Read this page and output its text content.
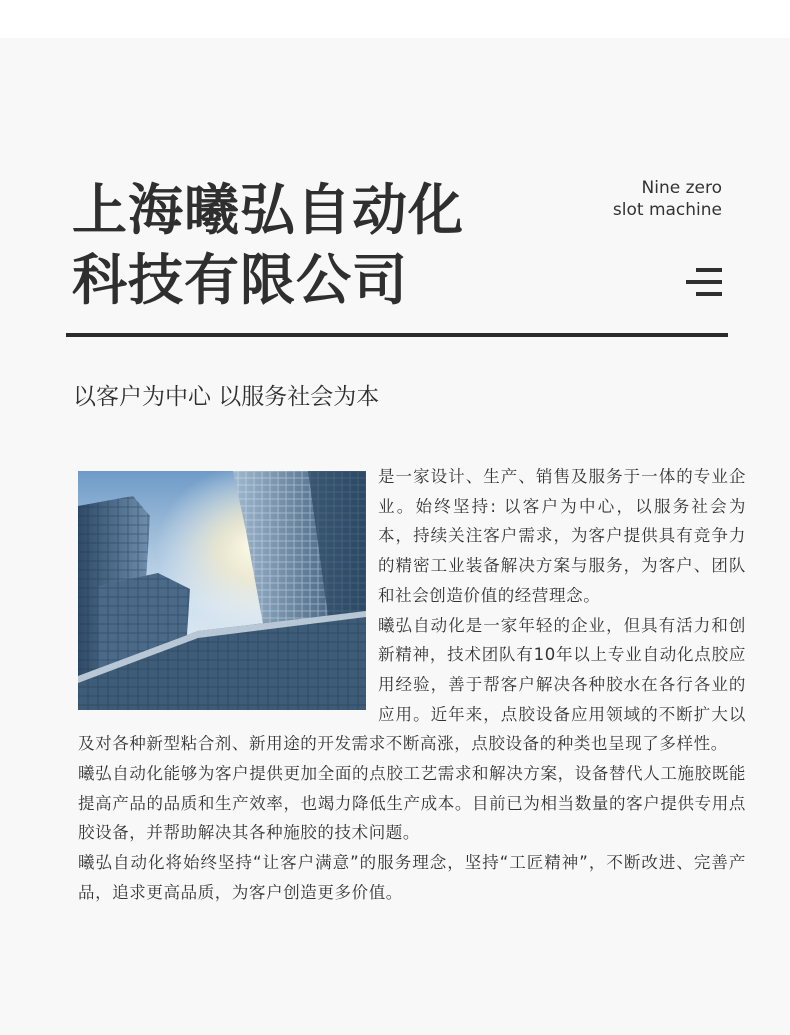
上海曦弘自动化
科技有限公司
Nine zero
slot machine
以客户为中心 以服务社会为本

是一家设计、生产、销售及服务于一体的专业企业。始终坚持: 以客户为中心，以服务社会为本，持续关注客户需求，为客户提供具有竞争力的精密工业装备解决方案与服务，为客户、团队和社会创造价值的经营理念。

曦弘自动化是一家年轻的企业，但具有活力和创新精神，技术团队有10年以上专业自动化点胶应用经验，善于帮客户解决各种胶水在各行各业的应用。近年来，点胶设备应用领域的不断扩大以及对各种新型粘合剂、新用途的开发需求不断高涨，点胶设备的种类也呈现了多样性。

曦弘自动化能够为客户提供更加全面的点胶工艺需求和解决方案，设备替代人工施胶既能提高产品的品质和生产效率，也竭力降低生产成本。目前已为相当数量的客户提供专用点胶设备，并帮助解决其各种施胶的技术问题。

曦弘自动化将始终坚持“让客户满意”的服务理念，坚持“工匠精神”，不断改进、完善产品，追求更高品质，为客户创造更多价值。
